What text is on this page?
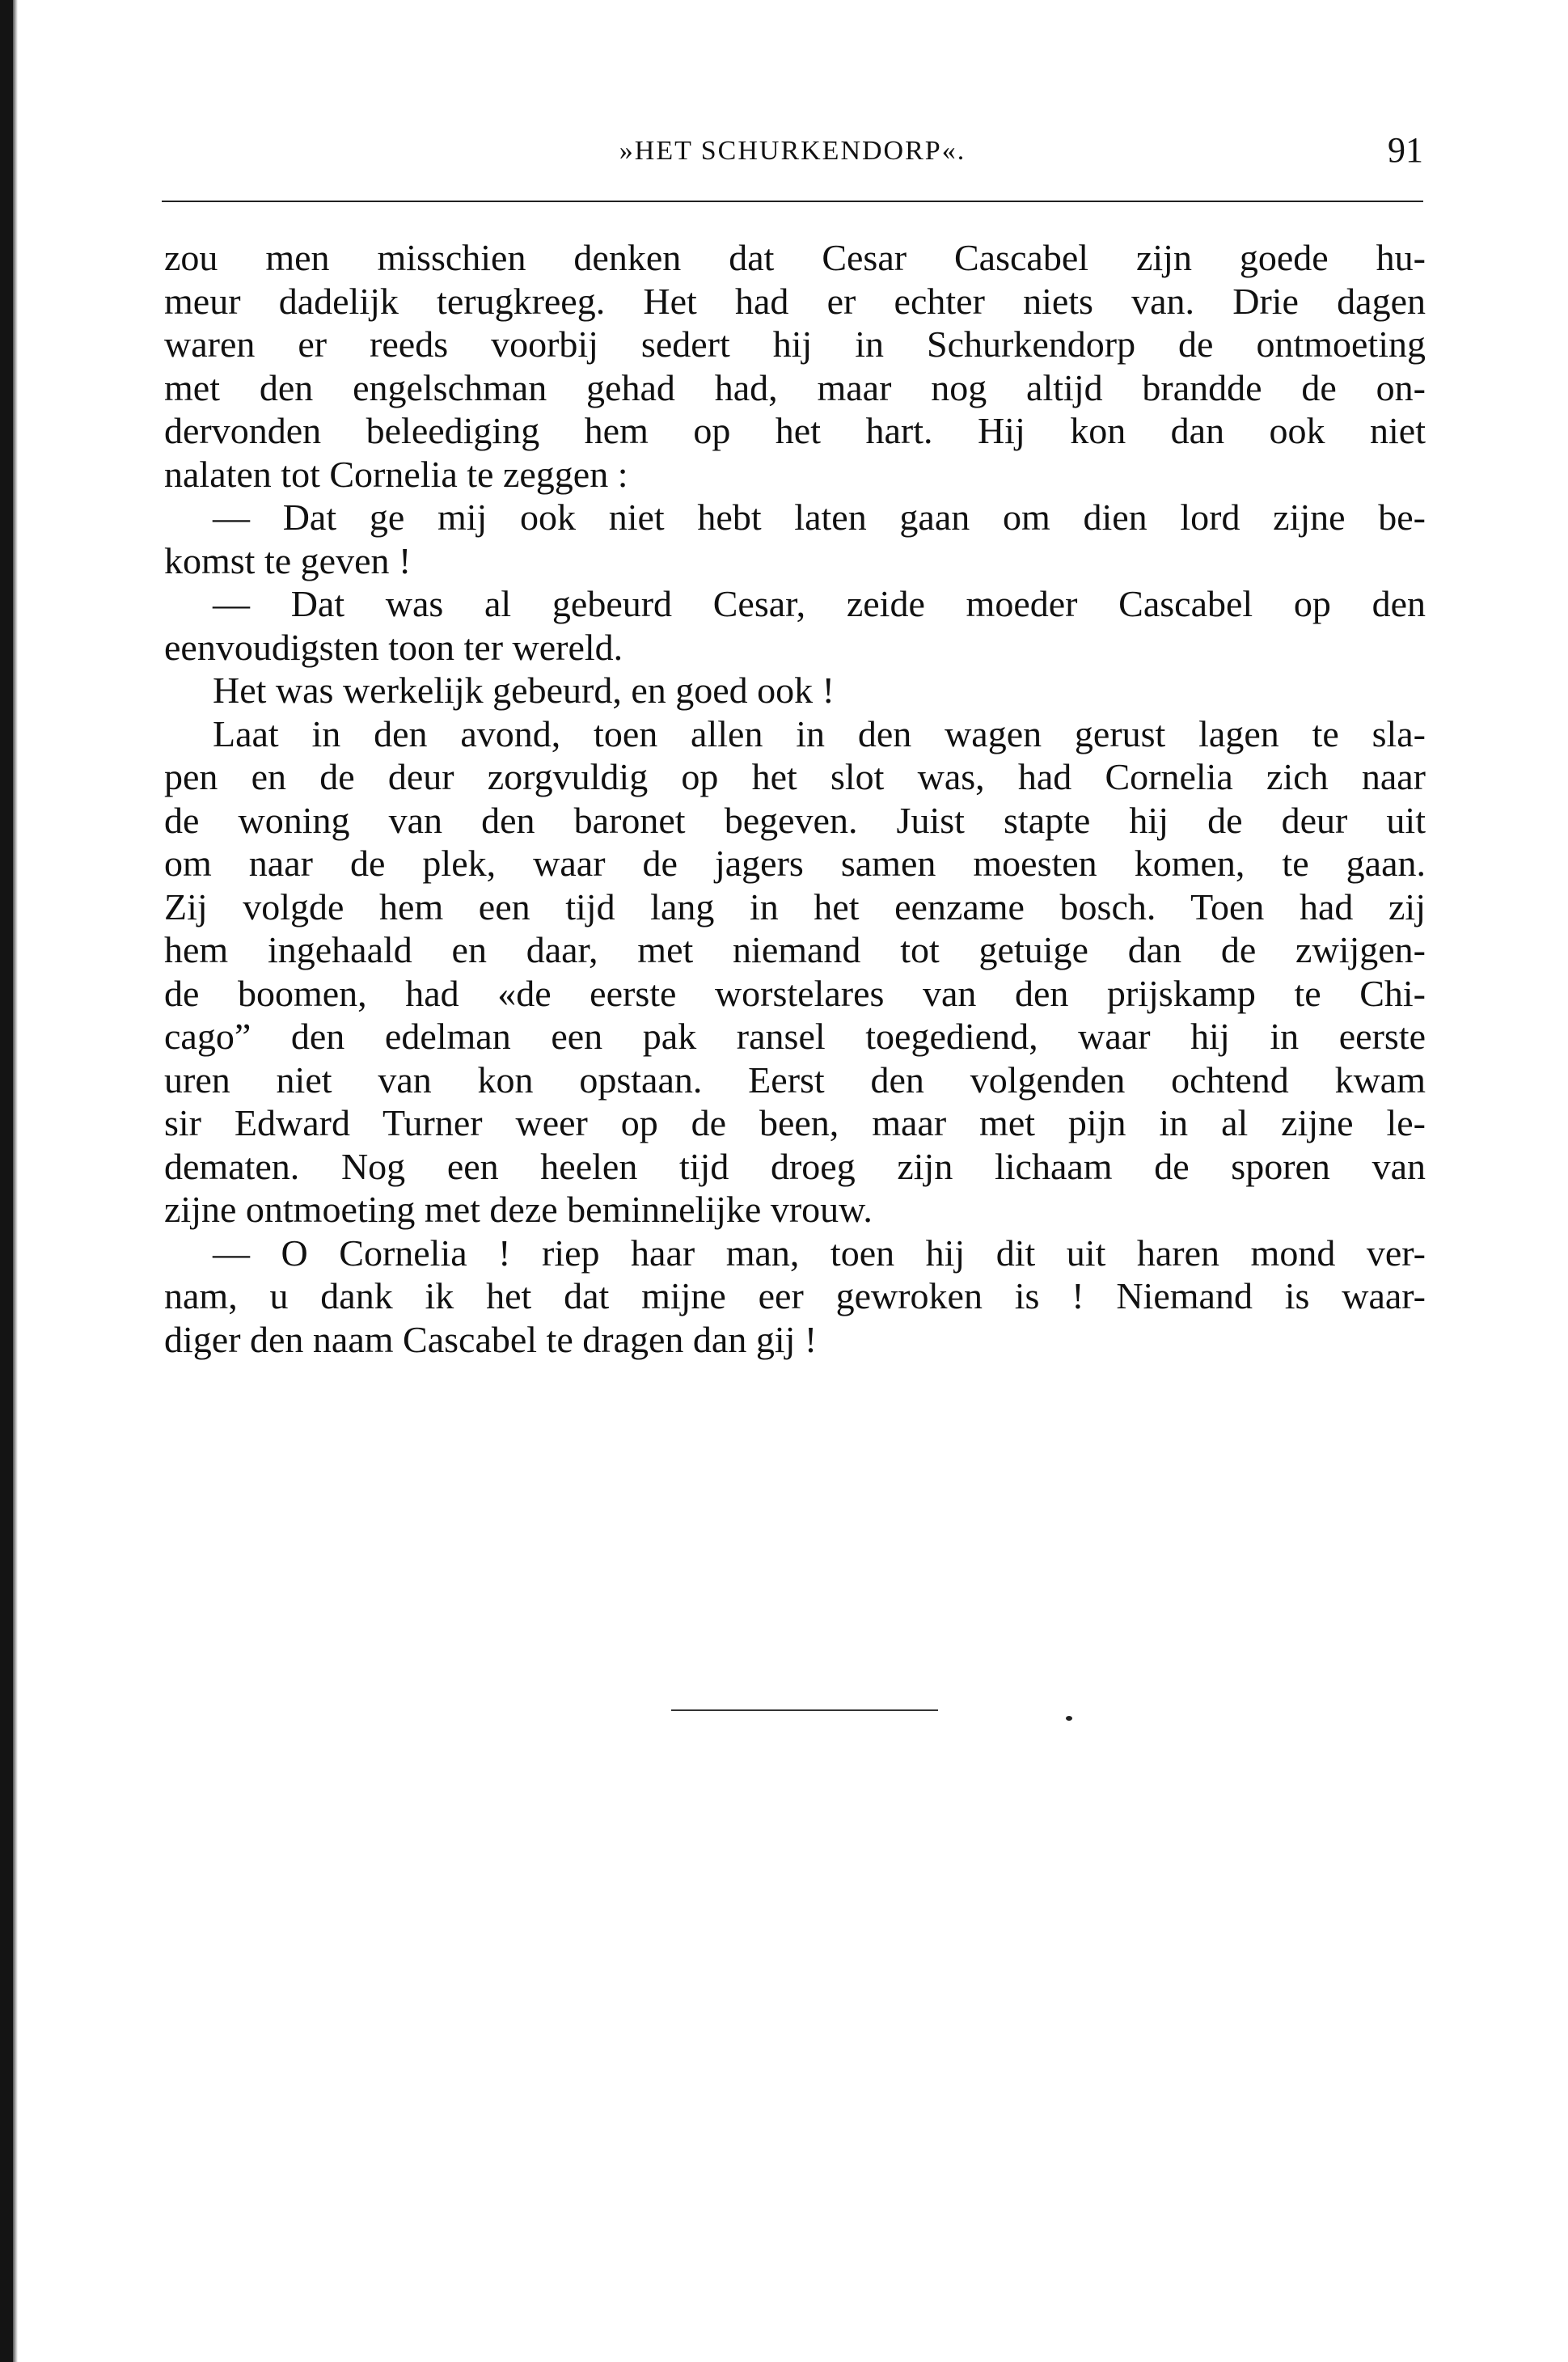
»HET SCHURKENDORP«.	91
zou men misschien denken dat Cesar Cascabel zijn goede hu-
meur dadelijk terugkreeg. Het had er echter niets van. Drie dagen
waren er reeds voorbij sedert hij in Schurkendorp de ontmoeting
met den engelschman gehad had, maar nog altijd brandde de on-
dervonden beleediging hem op het hart. Hij kon dan ook niet
nalaten tot Cornelia te zeggen :
— Dat ge mij ook niet hebt laten gaan om dien lord zijne be-
komst te geven !
— Dat was al gebeurd Cesar, zeide moeder Cascabel op den
eenvoudigsten toon ter wereld.
Het was werkelijk gebeurd, en goed ook !
Laat in den avond, toen allen in den wagen gerust lagen te sla-
pen en de deur zorgvuldig op het slot was, had Cornelia zich naar
de woning van den baronet begeven. Juist stapte hij de deur uit
om naar de plek, waar de jagers samen moesten komen, te gaan.
Zij volgde hem een tijd lang in het eenzame bosch. Toen had zij
hem ingehaald en daar, met niemand tot getuige dan de zwijgen-
de boomen, had «de eerste worstelares van den prijskamp te Chi-
cago” den edelman een pak ransel toegediend, waar hij in eerste
uren niet van kon opstaan. Eerst den volgenden ochtend kwam
sir Edward Turner weer op de been, maar met pijn in al zijne le-
dematen. Nog een heelen tijd droeg zijn lichaam de sporen van
zijne ontmoeting met deze beminnelijke vrouw.
— O Cornelia ! riep haar man, toen hij dit uit haren mond ver-
nam, u dank ik het dat mijne eer gewroken is ! Niemand is waar-
diger den naam Cascabel te dragen dan gij !
